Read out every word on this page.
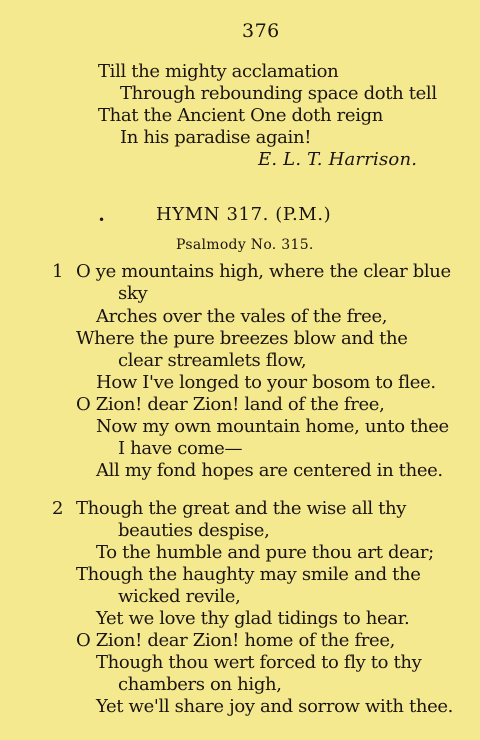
376
Till the mighty acclamation
Through rebounding space doth tell
That the Ancient One doth reign
In his paradise again!
E. L. T. Harrison.
•	HYMN 317. (P.M.)
Psalmody No. 315.
1 O ye mountains high, where the clear blue
sky
Arches over the vales of the free,
Where the pure breezes blow and the
clear streamlets flow,
How I've longed to your bosom to flee.
O Zion! dear Zion! land of the free,
Now my own mountain home, unto thee
I have come—
All my fond hopes are centered in thee.
2 Though the great and the wise all thy
beauties despise,
To the humble and pure thou art dear;
Though the haughty may smile and the
wicked revile,
Yet we love thy glad tidings to hear.
O Zion! dear Zion! home of the free,
Though thou wert forced to fly to thy
chambers on high,
Yet we'll share joy and sorrow with thee.
